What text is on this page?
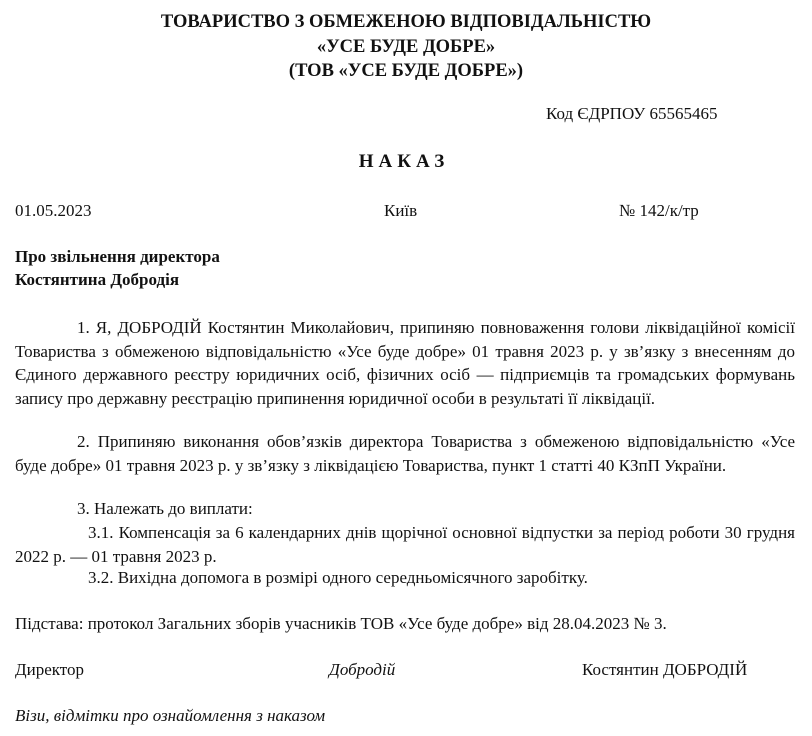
ТОВАРИСТВО З ОБМЕЖЕНОЮ ВІДПОВІДАЛЬНІСТЮ
«УСЕ БУДЕ ДОБРЕ»
(ТОВ «УСЕ БУДЕ ДОБРЕ»)
Код ЄДРПОУ 65565465
НАКАЗ
01.05.2023	Київ	№ 142/к/тр
Про звільнення директора
Костянтина Добродія
1. Я, ДОБРОДІЙ Костянтин Миколайович, припиняю повноваження голови ліквідаційної комісії Товариства з обмеженою відповідальністю «Усе буде добре» 01 травня 2023 р. у зв’язку з внесенням до Єдиного державного реєстру юридичних осіб, фізичних осіб — підприємців та громадських формувань запису про державну реєстрацію припинення юридичної особи в результаті її ліквідації.
2. Припиняю виконання обов’язків директора Товариства з обмеженою відповідальністю «Усе буде добре» 01 травня 2023 р. у зв’язку з ліквідацією Товариства, пункт 1 статті 40 КЗпП України.
3. Належать до виплати:
3.1. Компенсація за 6 календарних днів щорічної основної відпустки за період роботи 30 грудня 2022 р. — 01 травня 2023 р.
3.2. Вихідна допомога в розмірі одного середньомісячного заробітку.
Підстава: протокол Загальних зборів учасників ТОВ «Усе буде добре» від 28.04.2023 № 3.
Директор	Добродій	Костянтин ДОБРОДІЙ
Візи, відмітки про ознайомлення з наказом
